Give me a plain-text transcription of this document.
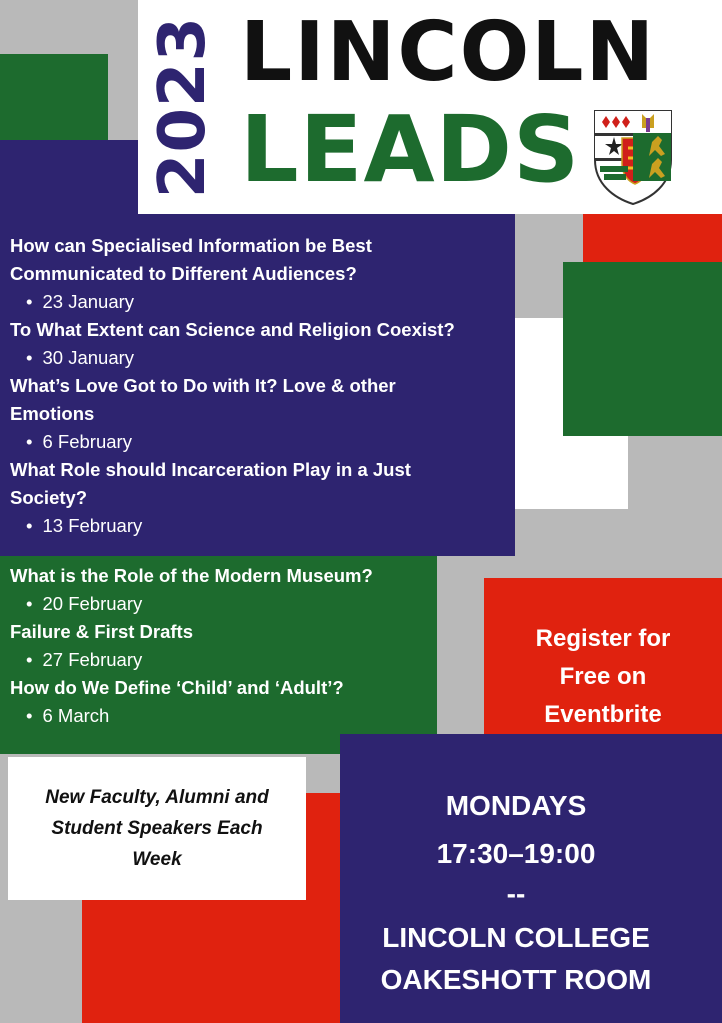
2023 LINCOLN
LEADS
How can Specialised Information be Best Communicated to Different Audiences?
• 23 January
To What Extent can Science and Religion Coexist?
• 30 January
What’s Love Got to Do with It? Love & other Emotions
• 6 February
What Role should Incarceration Play in a Just Society?
• 13 February
What is the Role of the Modern Museum?
• 20 February
Failure & First Drafts
• 27 February
How do We Define ‘Child’ and ‘Adult’?
• 6 March
Register for
Free on
Eventbrite
New Faculty, Alumni and
Student Speakers Each
Week
MONDAYS
17:30–19:00
--
LINCOLN COLLEGE
OAKESHOTT ROOM
